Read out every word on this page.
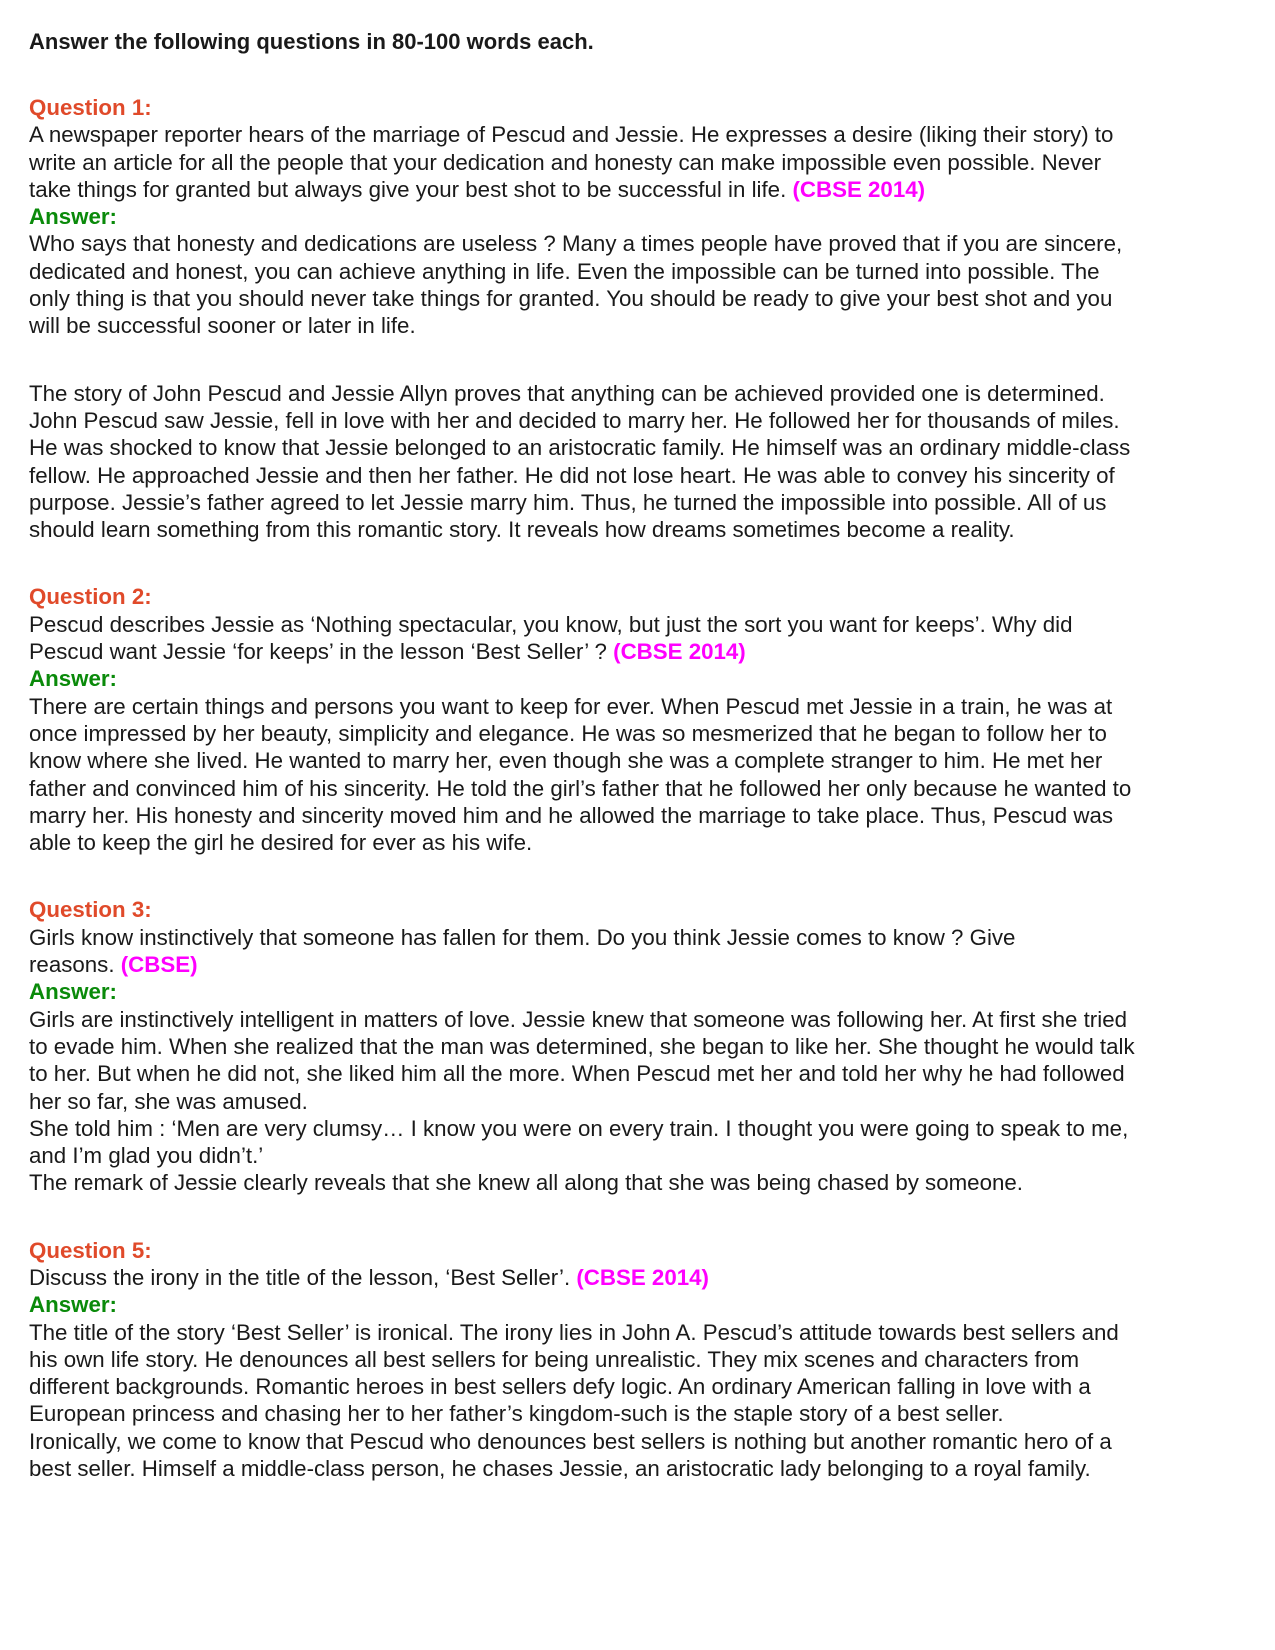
Answer the following questions in 80-100 words each.
Question 1:
A newspaper reporter hears of the marriage of Pescud and Jessie. He expresses a desire (liking their story) to
write an article for all the people that your dedication and honesty can make impossible even possible. Never
take things for granted but always give your best shot to be successful in life. (CBSE 2014)
Answer:
Who says that honesty and dedications are useless ? Many a times people have proved that if you are sincere,
dedicated and honest, you can achieve anything in life. Even the impossible can be turned into possible. The
only thing is that you should never take things for granted. You should be ready to give your best shot and you
will be successful sooner or later in life.
The story of John Pescud and Jessie Allyn proves that anything can be achieved provided one is determined.
John Pescud saw Jessie, fell in love with her and decided to marry her. He followed her for thousands of miles.
He was shocked to know that Jessie belonged to an aristocratic family. He himself was an ordinary middle-class
fellow. He approached Jessie and then her father. He did not lose heart. He was able to convey his sincerity of
purpose. Jessie’s father agreed to let Jessie marry him. Thus, he turned the impossible into possible. All of us
should learn something from this romantic story. It reveals how dreams sometimes become a reality.
Question 2:
Pescud describes Jessie as ‘Nothing spectacular, you know, but just the sort you want for keeps’. Why did
Pescud want Jessie ‘for keeps’ in the lesson ‘Best Seller’ ? (CBSE 2014)
Answer:
There are certain things and persons you want to keep for ever. When Pescud met Jessie in a train, he was at
once impressed by her beauty, simplicity and elegance. He was so mesmerized that he began to follow her to
know where she lived. He wanted to marry her, even though she was a complete stranger to him. He met her
father and convinced him of his sincerity. He told the girl’s father that he followed her only because he wanted to
marry her. His honesty and sincerity moved him and he allowed the marriage to take place. Thus, Pescud was
able to keep the girl he desired for ever as his wife.
Question 3:
Girls know instinctively that someone has fallen for them. Do you think Jessie comes to know ? Give
reasons. (CBSE)
Answer:
Girls are instinctively intelligent in matters of love. Jessie knew that someone was following her. At first she tried
to evade him. When she realized that the man was determined, she began to like her. She thought he would talk
to her. But when he did not, she liked him all the more. When Pescud met her and told her why he had followed
her so far, she was amused.
She told him : ‘Men are very clumsy… I know you were on every train. I thought you were going to speak to me,
and I’m glad you didn’t.’
The remark of Jessie clearly reveals that she knew all along that she was being chased by someone.
Question 5:
Discuss the irony in the title of the lesson, ‘Best Seller’. (CBSE 2014)
Answer:
The title of the story ‘Best Seller’ is ironical. The irony lies in John A. Pescud’s attitude towards best sellers and
his own life story. He denounces all best sellers for being unrealistic. They mix scenes and characters from
different backgrounds. Romantic heroes in best sellers defy logic. An ordinary American falling in love with a
European princess and chasing her to her father’s kingdom-such is the staple story of a best seller.
Ironically, we come to know that Pescud who denounces best sellers is nothing but another romantic hero of a
best seller. Himself a middle-class person, he chases Jessie, an aristocratic lady belonging to a royal family.
